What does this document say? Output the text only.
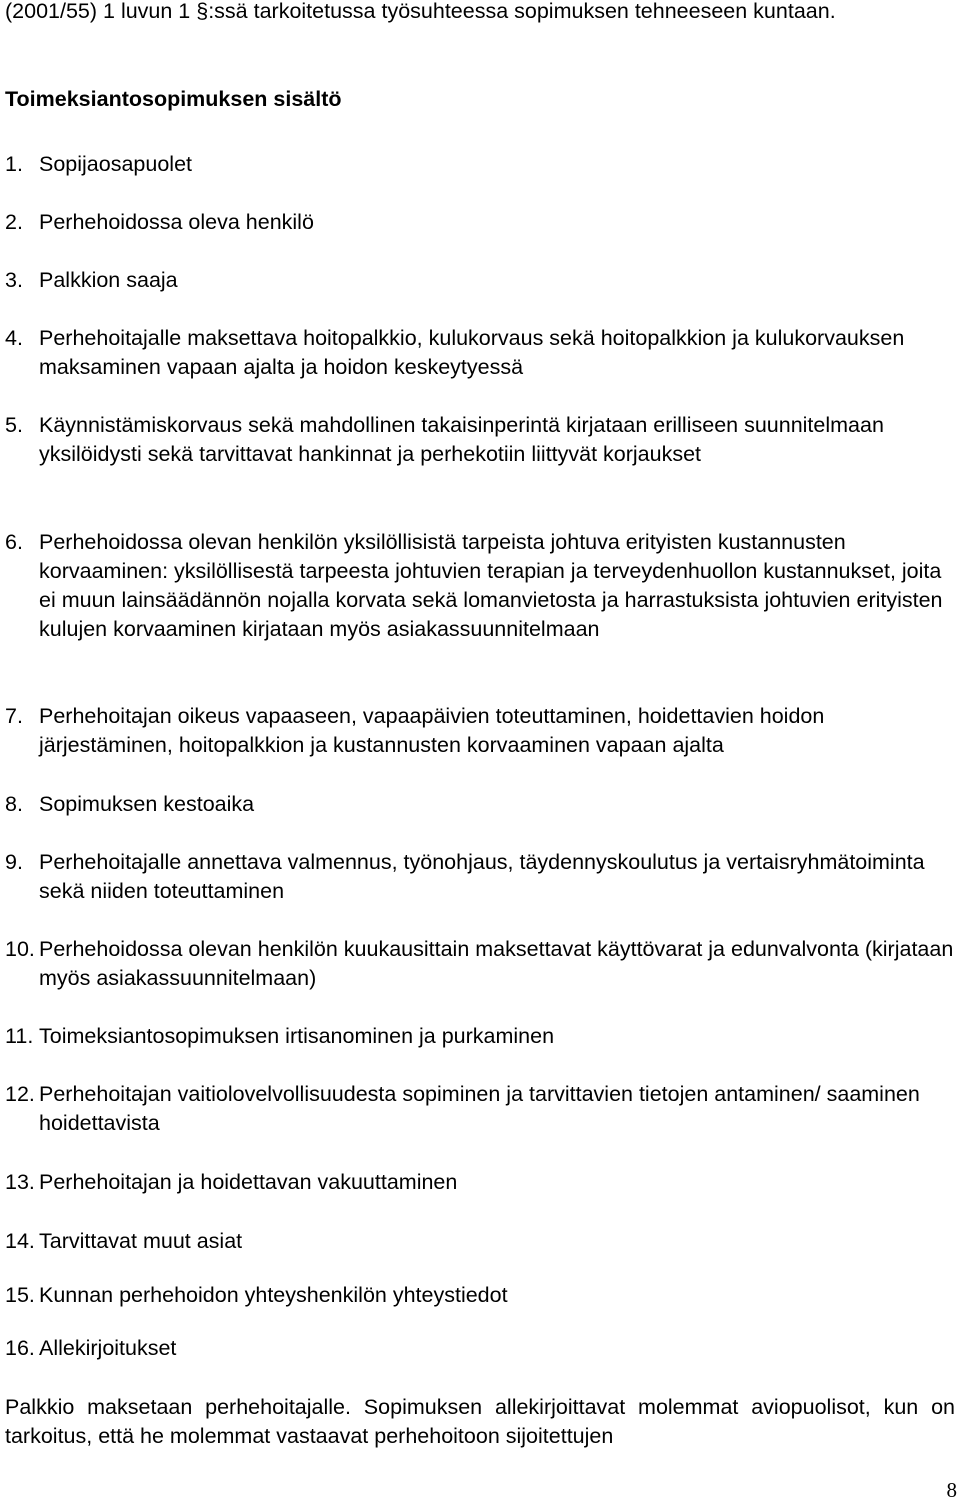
(2001/55) 1 luvun 1 §:ssä tarkoitetussa työsuhteessa sopimuksen tehneeseen kuntaan.
Toimeksiantosopimuksen sisältö
1. Sopijaosapuolet
2. Perhehoidossa oleva henkilö
3. Palkkion saaja
4. Perhehoitajalle maksettava hoitopalkkio, kulukorvaus sekä hoitopalkkion ja kulukorvauksen maksaminen vapaan ajalta ja hoidon keskeytyessä
5. Käynnistämiskorvaus sekä mahdollinen takaisinperintä kirjataan erilliseen suunnitelmaan yksilöidysti sekä tarvittavat hankinnat ja perhekotiin liittyvät korjaukset
6. Perhehoidossa olevan henkilön yksilöllisistä tarpeista johtuva erityisten kustannusten korvaaminen: yksilöllisestä tarpeesta johtuvien terapian ja terveydenhuollon kustannukset, joita ei muun lainsäädännön nojalla korvata sekä lomanvietosta ja harrastuksista johtuvien erityisten kulujen korvaaminen kirjataan myös asiakassuunnitelmaan
7. Perhehoitajan oikeus vapaaseen, vapaapäivien toteuttaminen, hoidettavien hoidon järjestäminen, hoitopalkkion ja kustannusten korvaaminen vapaan ajalta
8. Sopimuksen kestoaika
9. Perhehoitajalle annettava valmennus, työnohjaus, täydennyskoulutus ja vertaisryhmätoiminta sekä niiden toteuttaminen
10. Perhehoidossa olevan henkilön kuukausittain maksettavat käyttövarat ja edunvalvonta (kirjataan myös asiakassuunnitelmaan)
11. Toimeksiantosopimuksen irtisanominen ja purkaminen
12. Perhehoitajan vaitiolovelvollisuudesta sopiminen ja tarvittavien tietojen antaminen/ saaminen hoidettavista
13. Perhehoitajan ja hoidettavan vakuuttaminen
14. Tarvittavat muut asiat
15. Kunnan perhehoidon yhteyshenkilön yhteystiedot
16. Allekirjoitukset
Palkkio maksetaan perhehoitajalle. Sopimuksen allekirjoittavat molemmat aviopuolisot, kun on tarkoitus, että he molemmat vastaavat perhehoitoon sijoitettujen
8
